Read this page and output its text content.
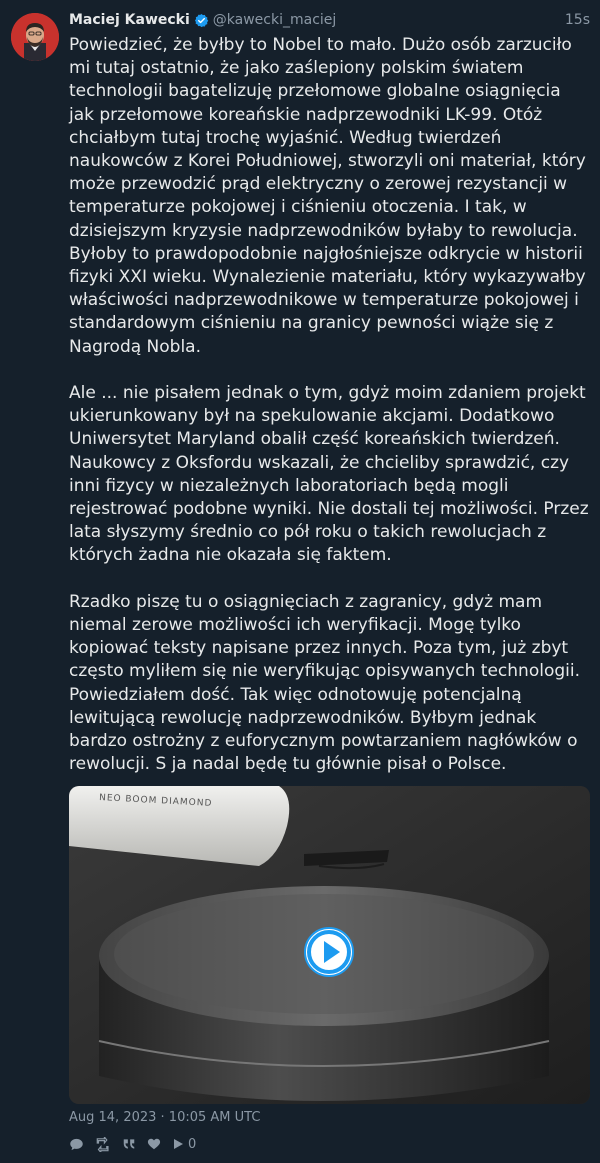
Maciej Kawecki @kawecki_maciej	15s

Powiedzieć, że byłby to Nobel to mało. Dużo osób zarzuciło mi tutaj ostatnio, że jako zaślepiony polskim światem technologii bagatelizuję przełomowe globalne osiągnięcia jak przełomowe koreańskie nadprzewodniki LK-99. Otóż chciałbym tutaj trochę wyjaśnić. Według twierdzeń naukowców z Korei Południowej, stworzyli oni materiał, który może przewodzić prąd elektryczny o zerowej rezystancji w temperaturze pokojowej i ciśnieniu otoczenia. I tak, w dzisiejszym kryzysie nadprzewodników byłaby to rewolucja. Byłoby to prawdopodobnie najgłośniejsze odkrycie w historii fizyki XXI wieku. Wynalezienie materiału, który wykazywałby właściwości nadprzewodnikowe w temperaturze pokojowej i standardowym ciśnieniu na granicy pewności wiąże się z Nagrodą Nobla.

Ale ... nie pisałem jednak o tym, gdyż moim zdaniem projekt ukierunkowany był na spekulowanie akcjami. Dodatkowo Uniwersytet Maryland obalił część koreańskich twierdzeń. Naukowcy z Oksfordu wskazali, że chcieliby sprawdzić, czy inni fizycy w niezależnych laboratoriach będą mogli rejestrować podobne wyniki. Nie dostali tej możliwości. Przez lata słyszymy średnio co pół roku o takich rewolucjach z których żadna nie okazała się faktem.

Rzadko piszę tu o osiągnięciach z zagranicy, gdyż mam niemal zerowe możliwości ich weryfikacji. Mogę tylko kopiować teksty napisane przez innych. Poza tym, już zbyt często myliłem się nie weryfikując opisywanych technologii. Powiedziałem dość. Tak więc odnotowuję potencjalną lewitującą rewolucję nadprzewodników. Byłbym jednak bardzo ostrożny z euforycznym powtarzaniem nagłówków o rewolucji. S ja nadal będę tu głównie pisał o Polsce.

NEO BOOM DIAMOND
Aug 14, 2023 · 10:05 AM UTC
0
